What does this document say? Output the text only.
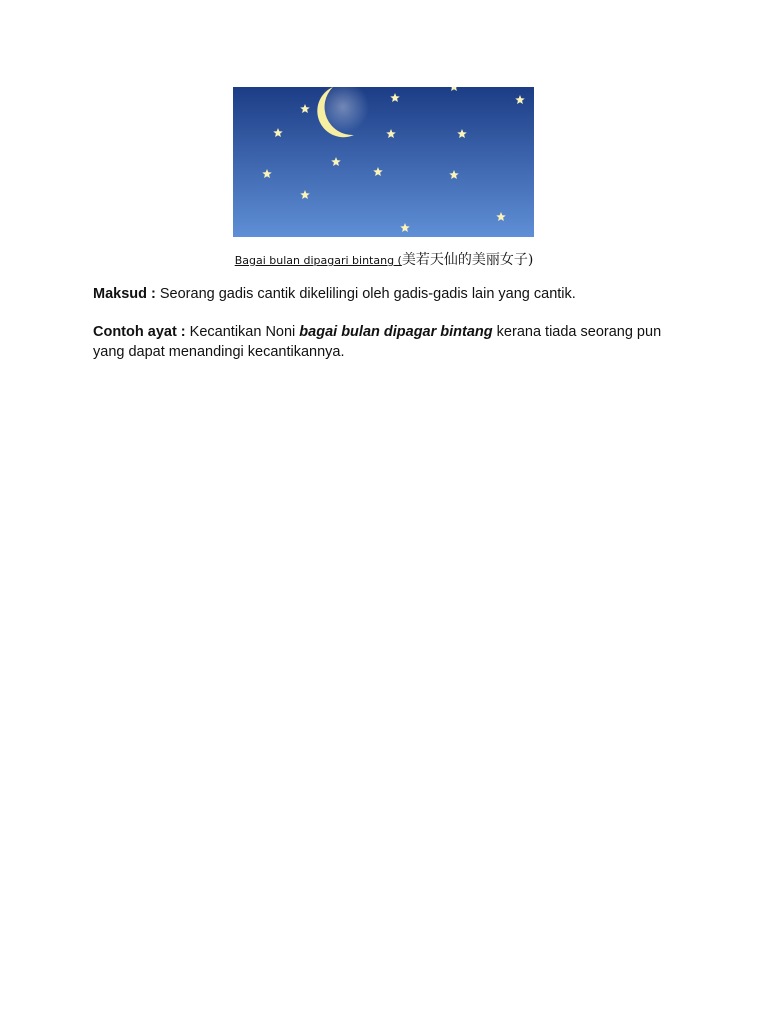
Bagai bulan dipagari bintang (美若天仙的美丽女子)
Maksud : Seorang gadis cantik dikelilingi oleh gadis-gadis lain yang cantik.
Contoh ayat : Kecantikan Noni bagai bulan dipagar bintang kerana tiada seorang pun yang dapat menandingi kecantikannya.
